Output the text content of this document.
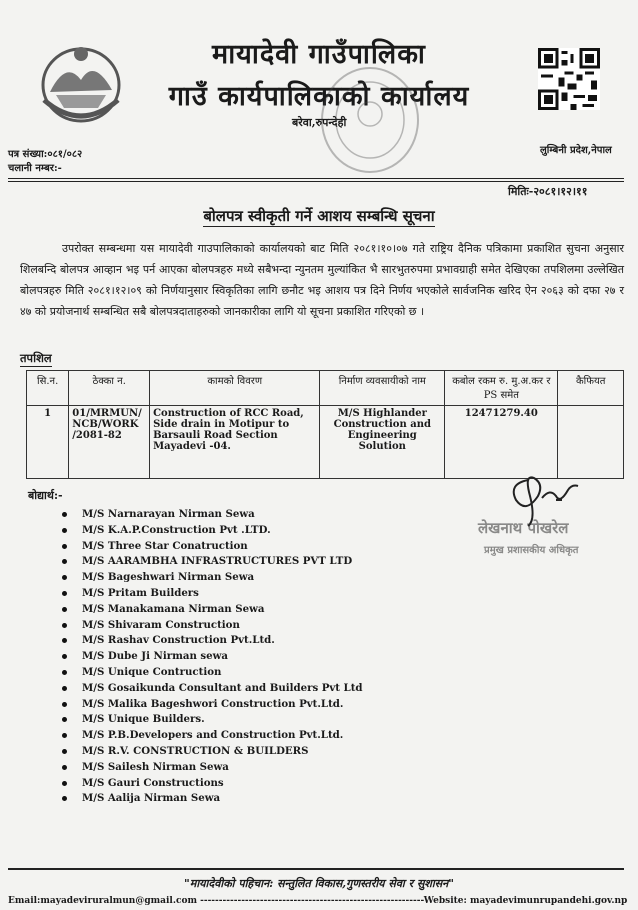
मायादेवी गाउँपालिका
गाउँ कार्यपालिकाको कार्यालय
बरेवा,रुपन्देही
पत्र संख्या:०८१/०८२
चलानी नम्बर:-
लुम्बिनी प्रदेश,नेपाल
मितिः-२०८१।१२।११
बोलपत्र स्वीकृती गर्ने आशय सम्बन्धि सूचना
उपरोक्त सम्बन्धमा यस मायादेवी गाउपालिकाको कार्यालयको बाट मिति २०८१।१०।०७ गते राष्ट्रिय दैनिक पत्रिकामा प्रकाशित सुचना अनुसार शिलबन्दि बोलपत्र आव्हान भइ पर्न आएका बोलपत्रहरु मध्ये सबैभन्दा न्युनतम मुल्यांकित भै सारभुतरुपमा प्रभावग्राही समेत देखिएका तपशिलमा उल्लेखित बोलपत्रहरु मिति २०८१।१२।०९ को निर्णयानुसार स्विकृतिका लागि छनौट भइ आशय पत्र दिने निर्णय भएकोले सार्वजनिक खरिद ऐन २०६३ को दफा २७ र ४७ को प्रयोजनार्थ सम्बन्धित सबै बोलपत्रदाताहरुको जानकारीका लागि यो सूचना प्रकाशित गरिएको छ ।
तपशिल
सि.न.	ठेक्का न.	कामको विवरण	निर्माण व्यवसायीको नाम	कबोल रकम रु. मु.अ.कर र PS समेत	कैफियत
1	01/MRMUN/ NCB/WORK /2081-82	Construction of RCC Road, Side drain in Motipur to Barsauli Road Section Mayadevi -04.	M/S Highlander Construction and Engineering Solution	12471279.40	
बोद्यार्थ:-
M/S Narnarayan Nirman Sewa
M/S K.A.P.Construction Pvt .LTD.
M/S Three Star Conatruction
M/S AARAMBHA INFRASTRUCTURES PVT LTD
M/S Bageshwari Nirman Sewa
M/S Pritam Builders
M/S Manakamana Nirman Sewa
M/S Shivaram Construction
M/S Rashav Construction Pvt.Ltd.
M/S Dube Ji Nirman sewa
M/S Unique Contruction
M/S Gosaikunda Consultant and Builders Pvt Ltd
M/S Malika Bageshwori Construction Pvt.Ltd.
M/S Unique Builders.
M/S P.B.Developers and Construction Pvt.Ltd.
M/S R.V. CONSTRUCTION & BUILDERS
M/S Sailesh Nirman Sewa
M/S Gauri Constructions
M/S Aalija Nirman Sewa
लेखनाथ पोखरेल
प्रमुख प्रशासकीय अधिकृत
"मायादेवीको पहिचान: सन्तुलित विकास,गुणस्तरीय सेवा र सुशासन"
Email:mayadeviruralmun@gmail.com ------------------------------------------------------------Website: mayadevimunrupandehi.gov.np
